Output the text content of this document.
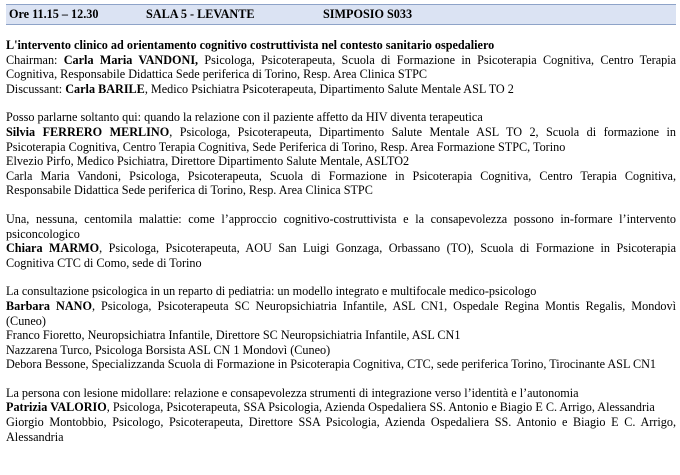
Ore 11.15 – 12.30	SALA 5 - LEVANTE	SIMPOSIO S033

L'intervento clinico ad orientamento cognitivo costruttivista nel contesto sanitario ospedaliero

Chairman: Carla Maria VANDONI, Psicologa, Psicoterapeuta, Scuola di Formazione in Psicoterapia Cognitiva, Centro Terapia Cognitiva, Responsabile Didattica Sede periferica di Torino, Resp. Area Clinica STPC

Discussant: Carla BARILE, Medico Psichiatra Psicoterapeuta, Dipartimento Salute Mentale ASL TO 2

Posso parlarne soltanto qui: quando la relazione con il paziente affetto da HIV diventa terapeutica

Silvia FERRERO MERLINO, Psicologa, Psicoterapeuta, Dipartimento Salute Mentale ASL TO 2, Scuola di formazione in Psicoterapia Cognitiva, Centro Terapia Cognitiva, Sede Periferica di Torino, Resp. Area Formazione STPC, Torino

Elvezio Pirfo, Medico Psichiatra, Direttore Dipartimento Salute Mentale, ASLTO2

Carla Maria Vandoni, Psicologa, Psicoterapeuta, Scuola di Formazione in Psicoterapia Cognitiva, Centro Terapia Cognitiva, Responsabile Didattica Sede periferica di Torino, Resp. Area Clinica STPC

Una, nessuna, centomila malattie: come l’approccio cognitivo-costruttivista e la consapevolezza possono in-formare l’intervento psiconcologico

Chiara MARMO, Psicologa, Psicoterapeuta, AOU San Luigi Gonzaga, Orbassano (TO), Scuola di Formazione in Psicoterapia Cognitiva CTC di Como, sede di Torino

La consultazione psicologica in un reparto di pediatria: un modello integrato e multifocale medico-psicologo

Barbara NANO, Psicologa, Psicoterapeuta SC Neuropsichiatria Infantile, ASL CN1, Ospedale Regina Montis Regalis, Mondovì (Cuneo)

Franco Fioretto, Neuropsichiatra Infantile, Direttore SC Neuropsichiatria Infantile, ASL CN1

Nazzarena Turco, Psicologa Borsista ASL CN 1 Mondovì (Cuneo)

Debora Bessone, Specializzanda Scuola di Formazione in Psicoterapia Cognitiva, CTC, sede periferica Torino, Tirocinante ASL CN1

La persona con lesione midollare: relazione e consapevolezza strumenti di integrazione verso l’identità e l’autonomia

Patrizia VALORIO, Psicologa, Psicoterapeuta, SSA Psicologia, Azienda Ospedaliera SS. Antonio e Biagio E C. Arrigo, Alessandria

Giorgio Montobbio, Psicologo, Psicoterapeuta, Direttore SSA Psicologia, Azienda Ospedaliera SS. Antonio e Biagio E C. Arrigo, Alessandria
